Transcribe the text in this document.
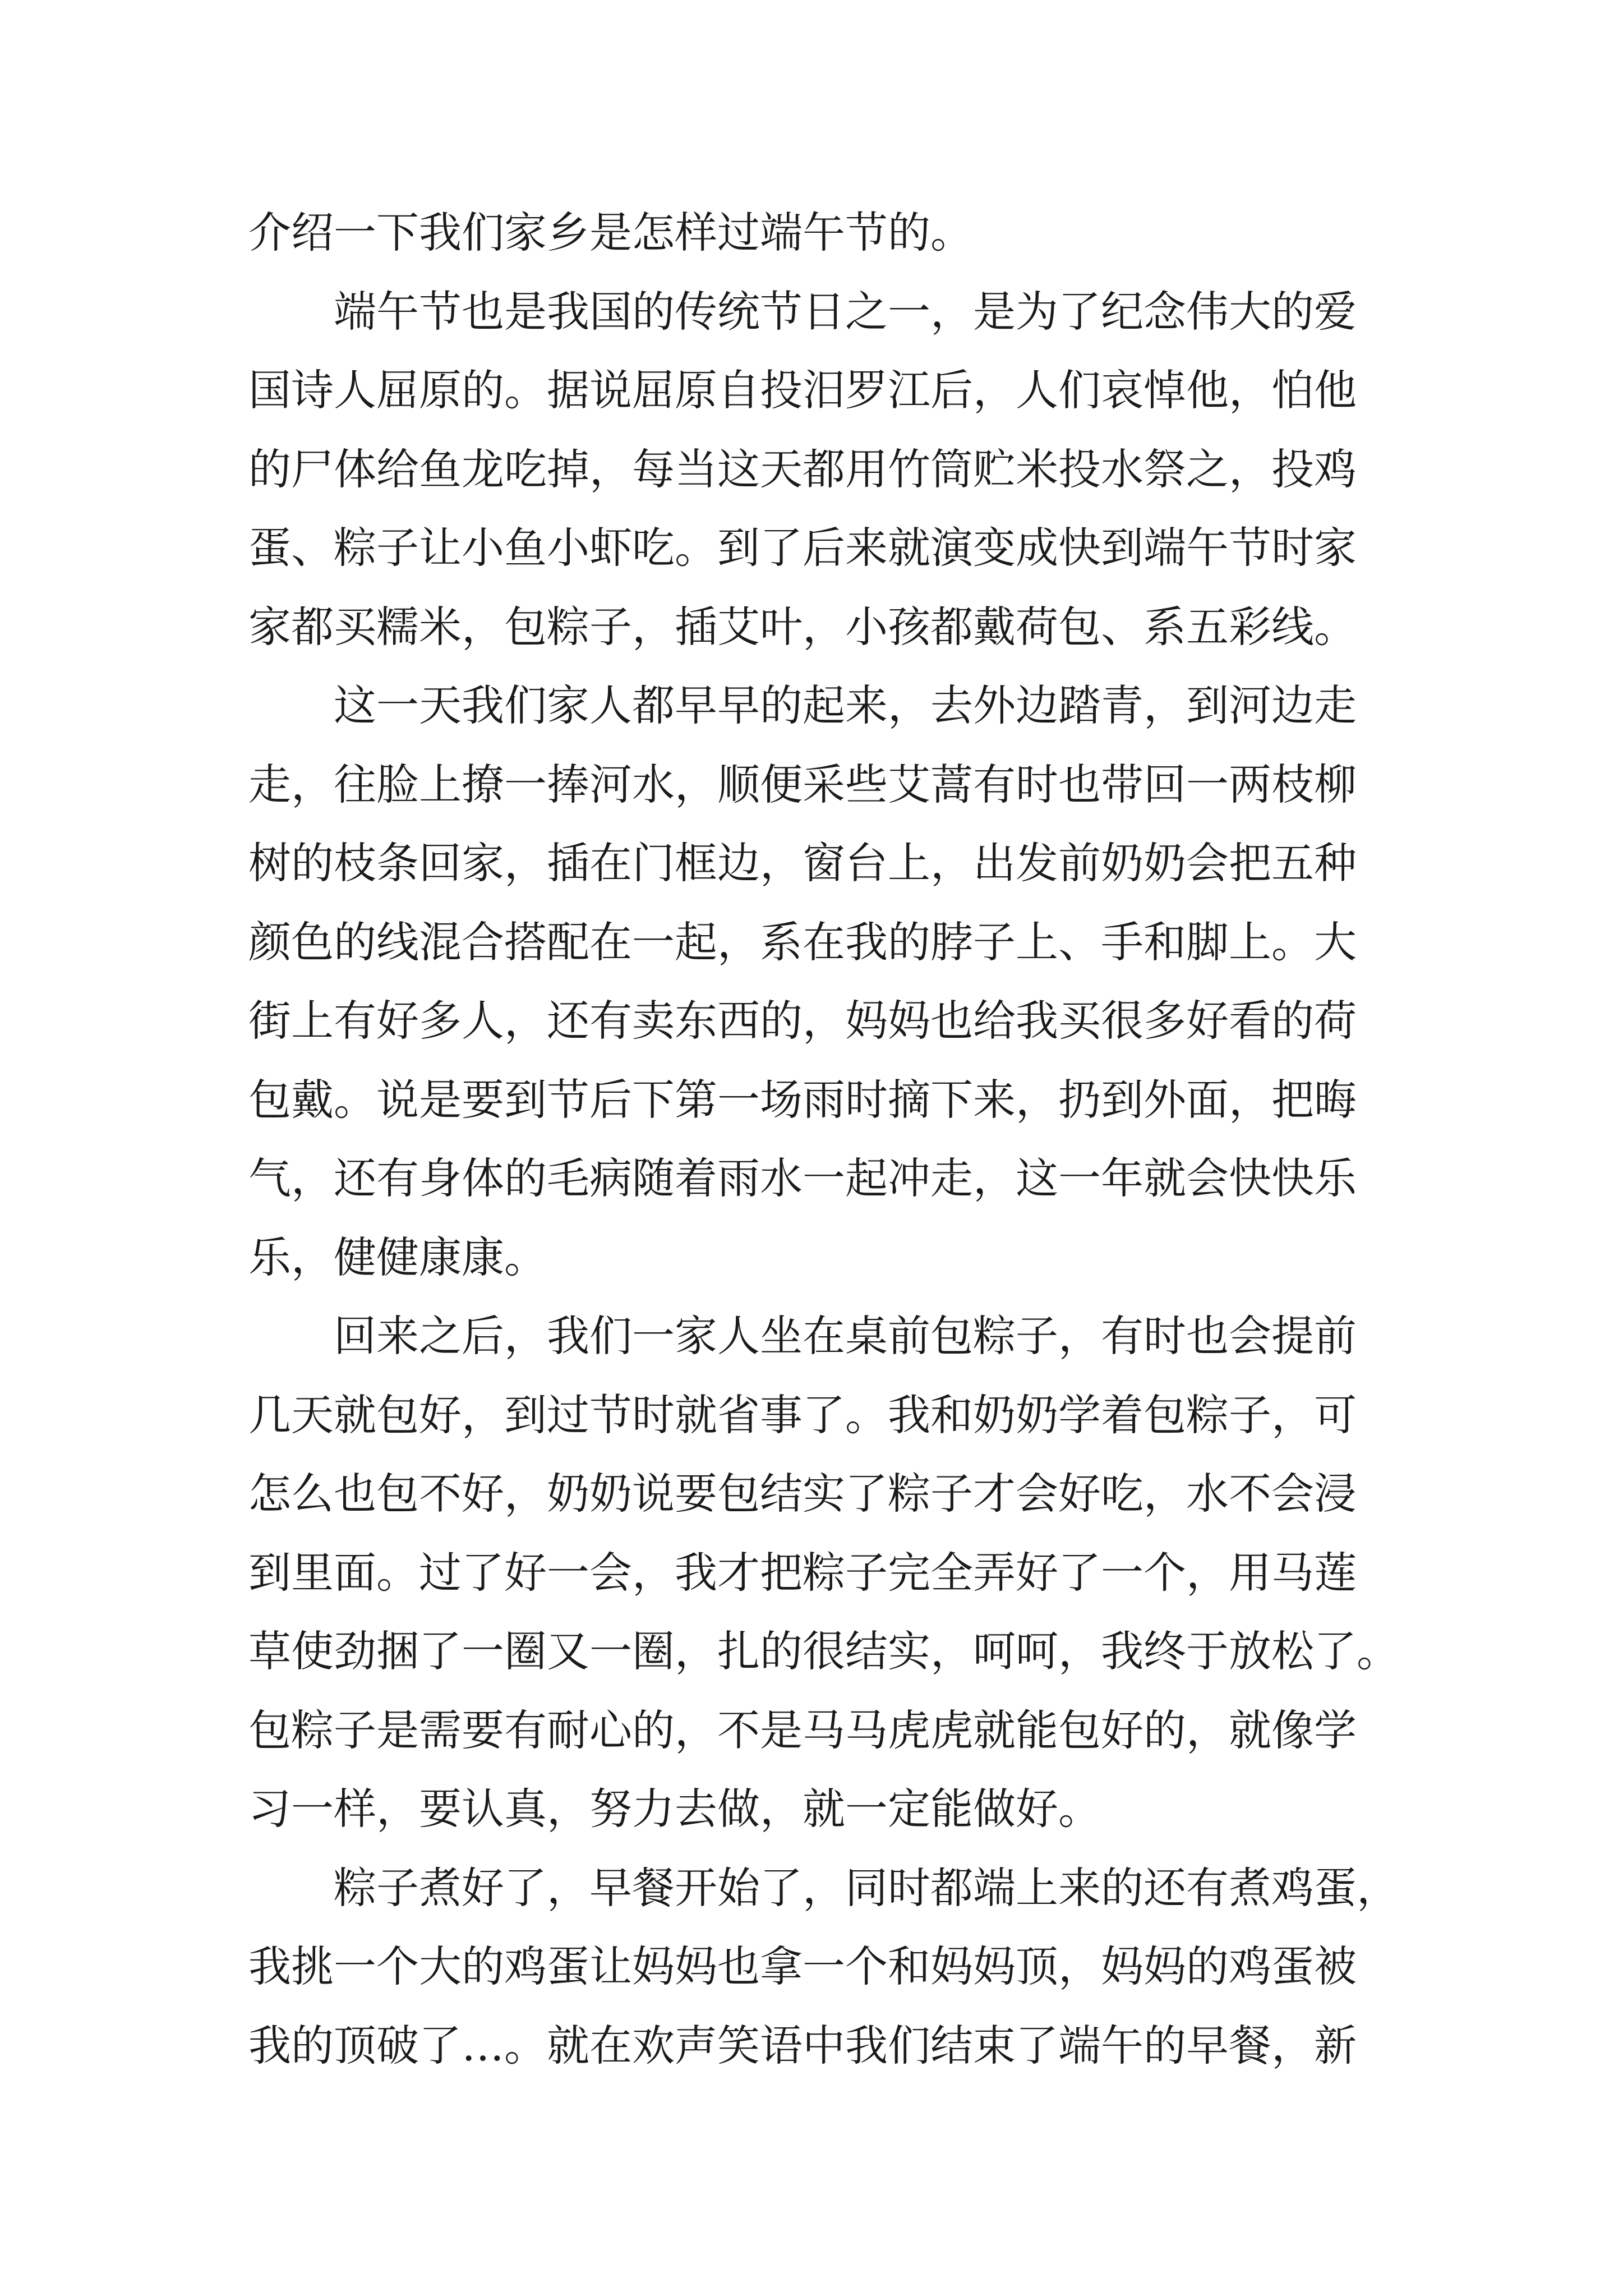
介绍一下我们家乡是怎样过端午节的。
端午节也是我国的传统节日之一，是为了纪念伟大的爱
国诗人屈原的。据说屈原自投汨罗江后，人们哀悼他，怕他
的尸体给鱼龙吃掉，每当这天都用竹筒贮米投水祭之，投鸡
蛋、粽子让小鱼小虾吃。到了后来就演变成快到端午节时家
家都买糯米，包粽子，插艾叶，小孩都戴荷包、系五彩线。
这一天我们家人都早早的起来，去外边踏青，到河边走
走，往脸上撩一捧河水，顺便采些艾蒿有时也带回一两枝柳
树的枝条回家，插在门框边，窗台上，出发前奶奶会把五种
颜色的线混合搭配在一起，系在我的脖子上、手和脚上。大
街上有好多人，还有卖东西的，妈妈也给我买很多好看的荷
包戴。说是要到节后下第一场雨时摘下来，扔到外面，把晦
气，还有身体的毛病随着雨水一起冲走，这一年就会快快乐
乐，健健康康。
回来之后，我们一家人坐在桌前包粽子，有时也会提前
几天就包好，到过节时就省事了。我和奶奶学着包粽子，可
怎么也包不好，奶奶说要包结实了粽子才会好吃，水不会浸
到里面。过了好一会，我才把粽子完全弄好了一个，用马莲
草使劲捆了一圈又一圈，扎的很结实，呵呵，我终于放松了。
包粽子是需要有耐心的，不是马马虎虎就能包好的，就像学
习一样，要认真，努力去做，就一定能做好。
粽子煮好了，早餐开始了，同时都端上来的还有煮鸡蛋，
我挑一个大的鸡蛋让妈妈也拿一个和妈妈顶，妈妈的鸡蛋被
我的顶破了…。就在欢声笑语中我们结束了端午的早餐，新
